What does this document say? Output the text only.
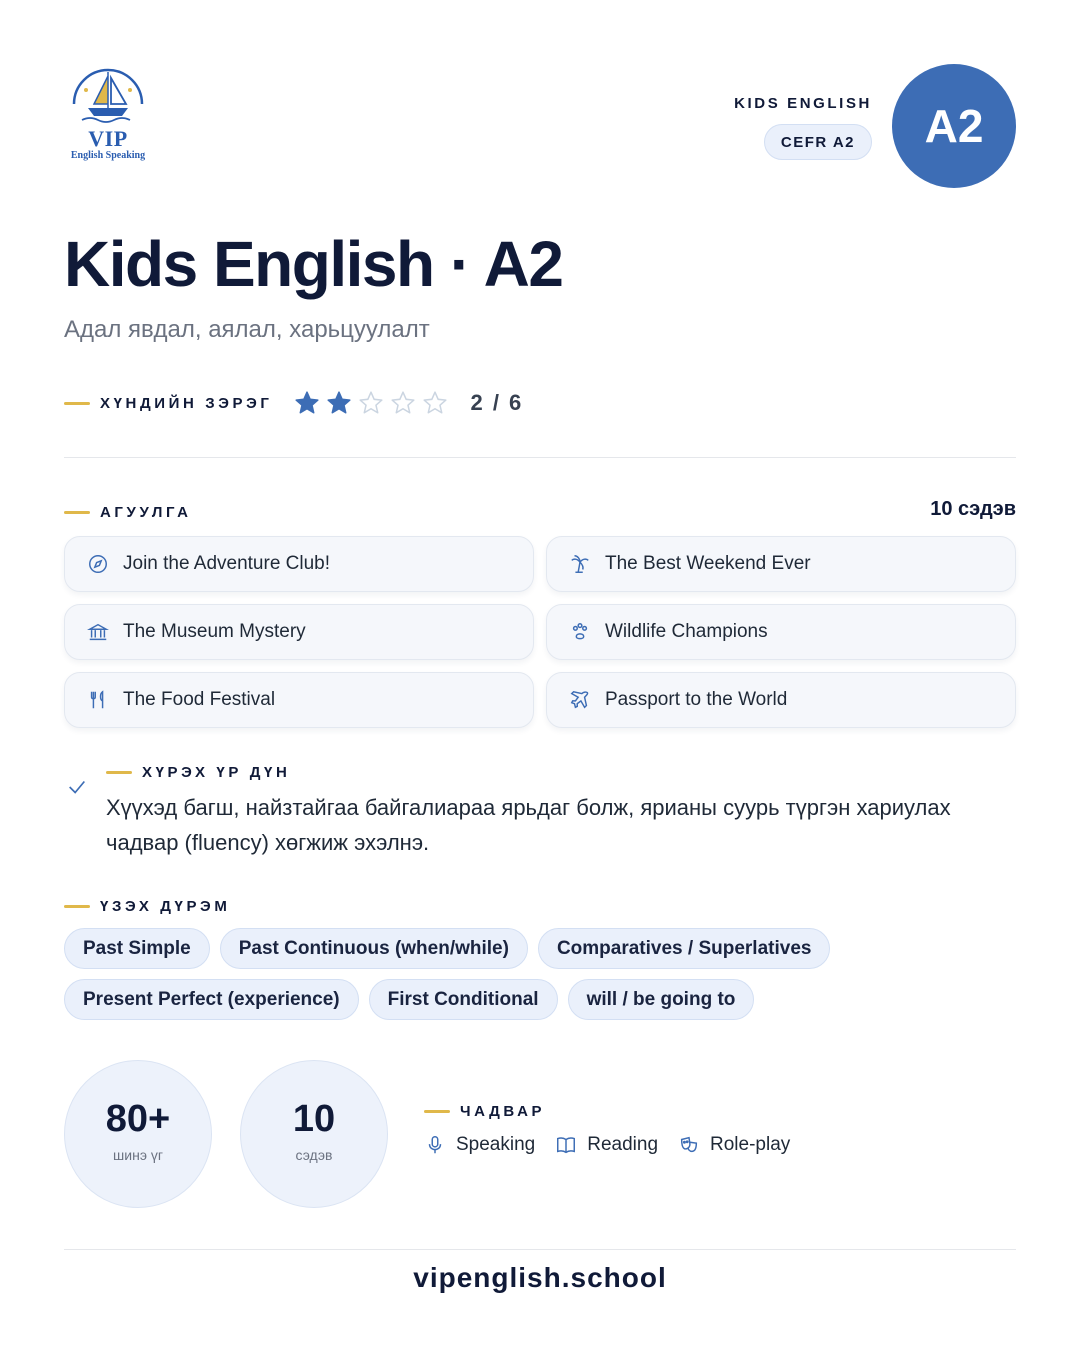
VIP
English Speaking
KIDS ENGLISH
CEFR A2	A2
Kids English · A2
Адал явдал, аялал, харьцуулалт
ХҮНДИЙН ЗЭРЭГ	2 / 6
АГУУЛГА	10 сэдэв
Join the Adventure Club!	The Best Weekend Ever
The Museum Mystery	Wildlife Champions
The Food Festival	Passport to the World
ХҮРЭХ ҮР ДҮН
Хүүхэд багш, найзтайгаа байгалиараа ярьдаг болж, ярианы суурь түргэн хариулах чадвар (fluency) хөгжиж эхэлнэ.
ҮЗЭХ ДҮРЭМ
Past Simple	Past Continuous (when/while)	Comparatives / Superlatives
Present Perfect (experience)	First Conditional	will / be going to
80+
шинэ үг
10
сэдэв
ЧАДВАР
Speaking	Reading	Role-play
vipenglish.school
